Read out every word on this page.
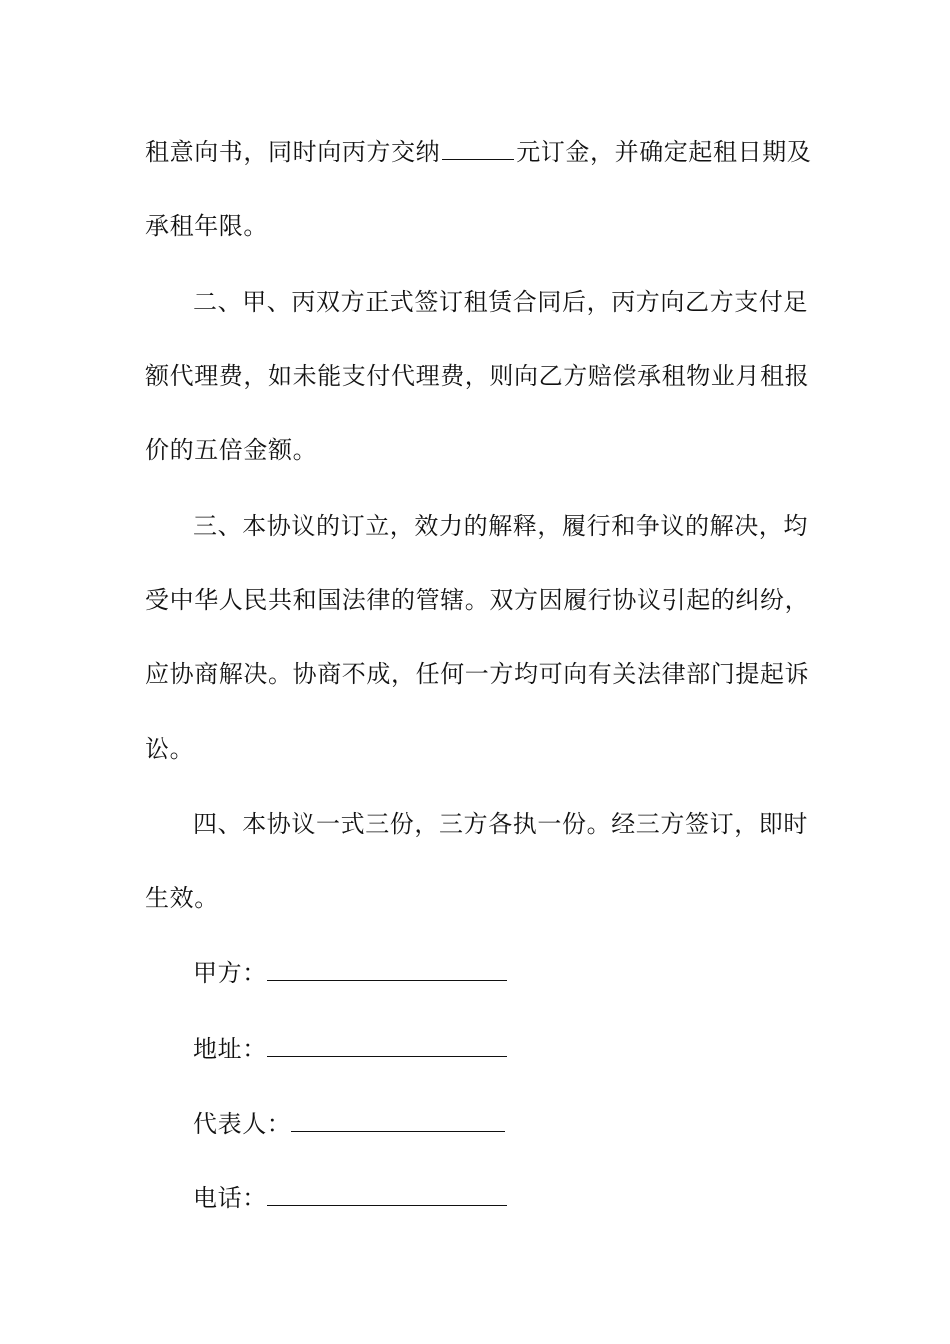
租意向书，同时向丙方交纳	元订金，并确定起租日期及
承租年限。
二、甲、丙双方正式签订租赁合同后，丙方向乙方支付足
额代理费，如未能支付代理费，则向乙方赔偿承租物业月租报
价的五倍金额。
三、本协议的订立，效力的解释，履行和争议的解决，均
受中华人民共和国法律的管辖。双方因履行协议引起的纠纷，
应协商解决。协商不成，任何一方均可向有关法律部门提起诉
讼。
四、本协议一式三份，三方各执一份。经三方签订，即时
生效。
甲方：
地址：
代表人：
电话：
